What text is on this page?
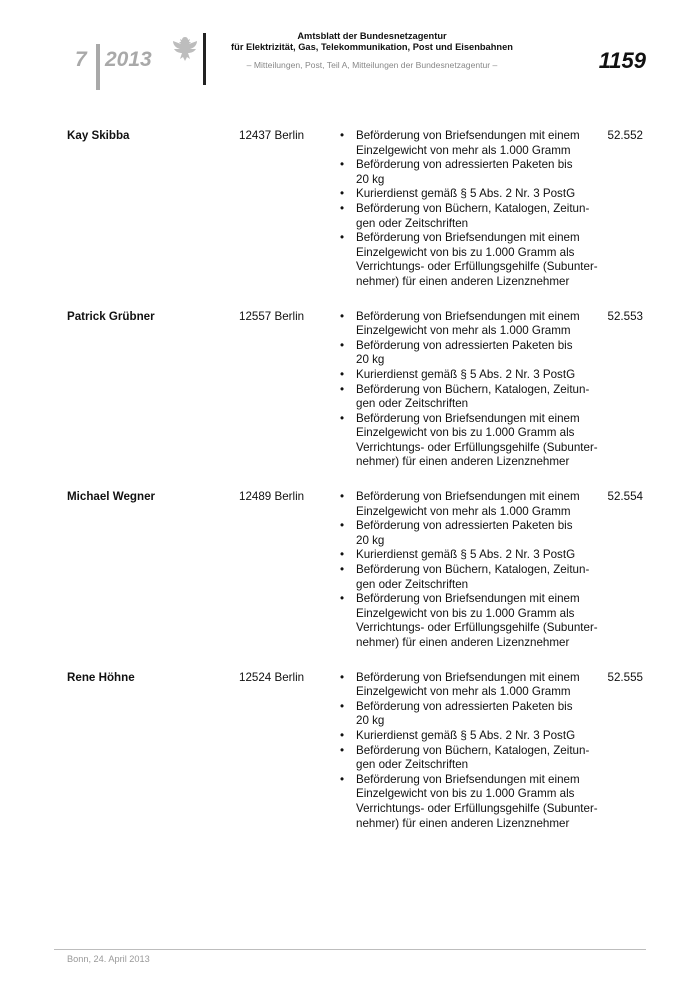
7 2013
Amtsblatt der Bundesnetzagentur
für Elektrizität, Gas, Telekommunikation, Post und Eisenbahnen
– Mitteilungen, Post, Teil A, Mitteilungen der Bundesnetzagentur –	1159
Kay Skibba	12437 Berlin	• Beförderung von Briefsendungen mit einem
Einzelgewicht von mehr als 1.000 Gramm
• Beförderung von adressierten Paketen bis
20 kg
• Kurierdienst gemäß § 5 Abs. 2 Nr. 3 PostG
• Beförderung von Büchern, Katalogen, Zeitun-
gen oder Zeitschriften
• Beförderung von Briefsendungen mit einem
Einzelgewicht von bis zu 1.000 Gramm als
Verrichtungs- oder Erfüllungsgehilfe (Subunter-
nehmer) für einen anderen Lizenznehmer
52.552
Patrick Grübner	12557 Berlin	• Beförderung von Briefsendungen mit einem
Einzelgewicht von mehr als 1.000 Gramm
• Beförderung von adressierten Paketen bis
20 kg
• Kurierdienst gemäß § 5 Abs. 2 Nr. 3 PostG
• Beförderung von Büchern, Katalogen, Zeitun-
gen oder Zeitschriften
• Beförderung von Briefsendungen mit einem
Einzelgewicht von bis zu 1.000 Gramm als
Verrichtungs- oder Erfüllungsgehilfe (Subunter-
nehmer) für einen anderen Lizenznehmer
52.553
Michael Wegner	12489 Berlin	• Beförderung von Briefsendungen mit einem
Einzelgewicht von mehr als 1.000 Gramm
• Beförderung von adressierten Paketen bis
20 kg
• Kurierdienst gemäß § 5 Abs. 2 Nr. 3 PostG
• Beförderung von Büchern, Katalogen, Zeitun-
gen oder Zeitschriften
• Beförderung von Briefsendungen mit einem
Einzelgewicht von bis zu 1.000 Gramm als
Verrichtungs- oder Erfüllungsgehilfe (Subunter-
nehmer) für einen anderen Lizenznehmer
52.554
Rene Höhne	12524 Berlin	• Beförderung von Briefsendungen mit einem
Einzelgewicht von mehr als 1.000 Gramm
• Beförderung von adressierten Paketen bis
20 kg
• Kurierdienst gemäß § 5 Abs. 2 Nr. 3 PostG
• Beförderung von Büchern, Katalogen, Zeitun-
gen oder Zeitschriften
• Beförderung von Briefsendungen mit einem
Einzelgewicht von bis zu 1.000 Gramm als
Verrichtungs- oder Erfüllungsgehilfe (Subunter-
nehmer) für einen anderen Lizenznehmer
52.555
Bonn, 24. April 2013
